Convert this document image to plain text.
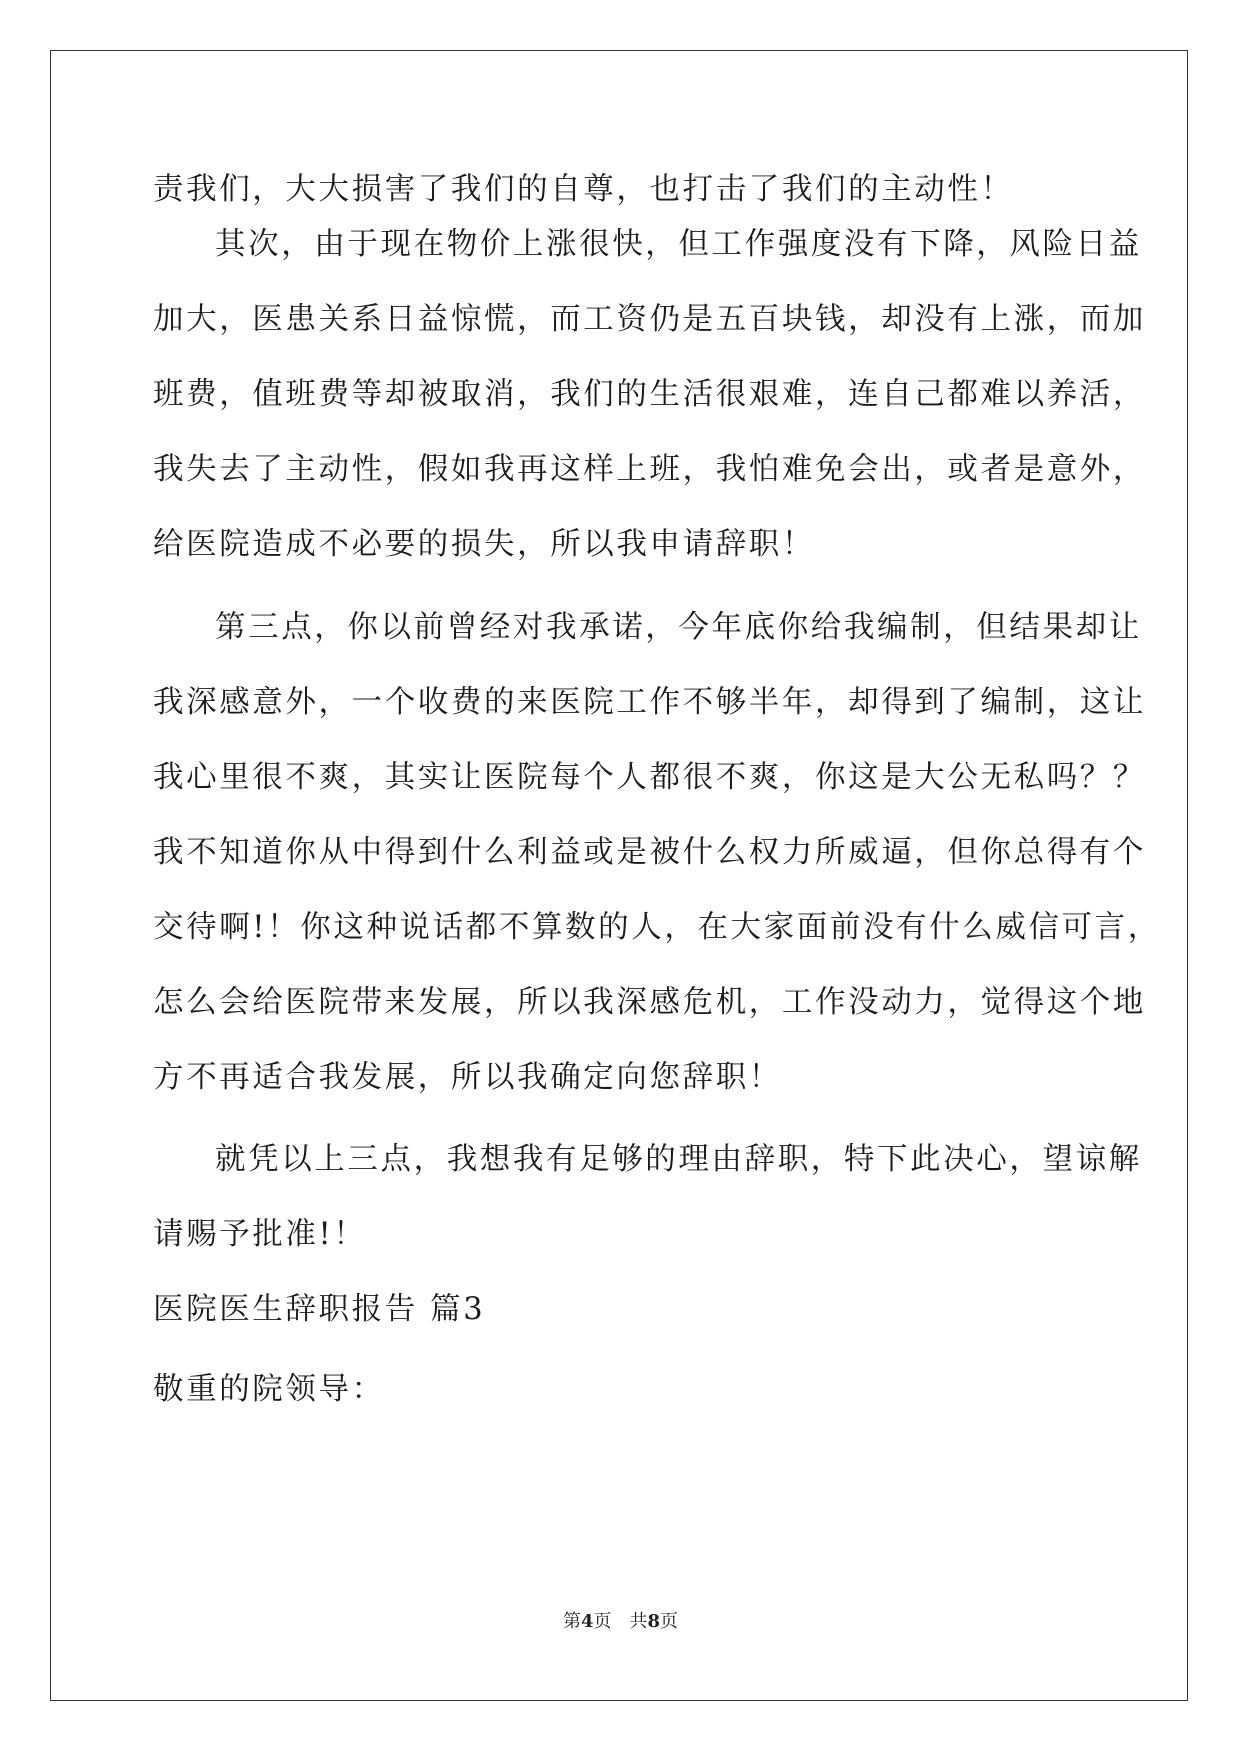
责我们，大大损害了我们的自尊，也打击了我们的主动性！
其次，由于现在物价上涨很快，但工作强度没有下降，风险日益
加大，医患关系日益惊慌，而工资仍是五百块钱，却没有上涨，而加
班费，值班费等却被取消，我们的生活很艰难，连自己都难以养活，
我失去了主动性，假如我再这样上班，我怕难免会出，或者是意外，
给医院造成不必要的损失，所以我申请辞职！
第三点，你以前曾经对我承诺，今年底你给我编制，但结果却让
我深感意外，一个收费的来医院工作不够半年，却得到了编制，这让
我心里很不爽，其实让医院每个人都很不爽，你这是大公无私吗？？
我不知道你从中得到什么利益或是被什么权力所威逼，但你总得有个
交待啊!！你这种说话都不算数的人，在大家面前没有什么威信可言，
怎么会给医院带来发展，所以我深感危机，工作没动力，觉得这个地
方不再适合我发展，所以我确定向您辞职！
就凭以上三点，我想我有足够的理由辞职，特下此决心，望谅解
请赐予批准!！
医院医生辞职报告 篇3
敬重的院领导：
第4页 共8页
